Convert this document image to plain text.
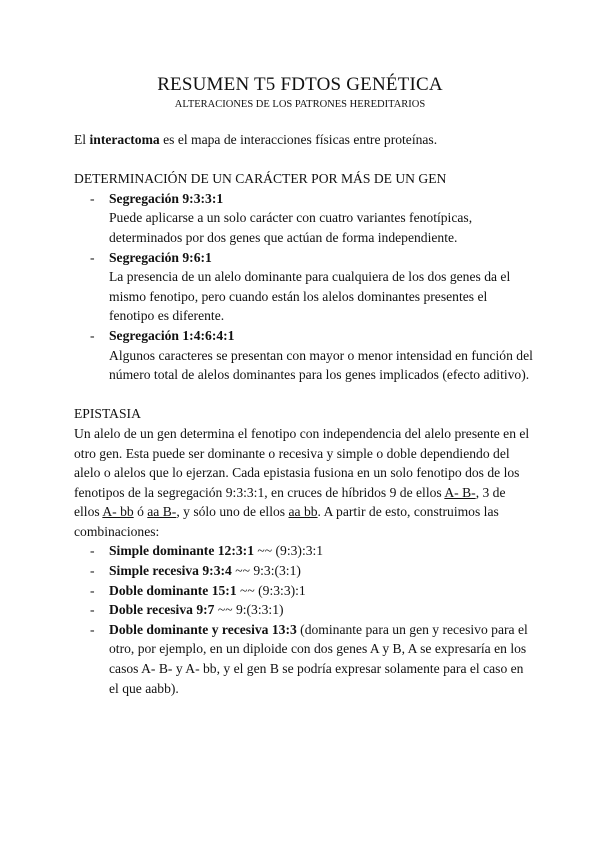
RESUMEN T5 FDTOS GENÉTICA
ALTERACIONES DE LOS PATRONES HEREDITARIOS

El interactoma es el mapa de interacciones físicas entre proteínas.

DETERMINACIÓN DE UN CARÁCTER POR MÁS DE UN GEN

- Segregación 9:3:3:1
Puede aplicarse a un solo carácter con cuatro variantes fenotípicas, determinados por dos genes que actúan de forma independiente.
- Segregación 9:6:1
La presencia de un alelo dominante para cualquiera de los dos genes da el mismo fenotipo, pero cuando están los alelos dominantes presentes el fenotipo es diferente.
- Segregación 1:4:6:4:1
Algunos caracteres se presentan con mayor o menor intensidad en función del número total de alelos dominantes para los genes implicados (efecto aditivo).

EPISTASIA

Un alelo de un gen determina el fenotipo con independencia del alelo presente en el otro gen. Esta puede ser dominante o recesiva y simple o doble dependiendo del alelo o alelos que lo ejerzan. Cada epistasia fusiona en un solo fenotipo dos de los fenotipos de la segregación 9:3:3:1, en cruces de híbridos 9 de ellos A- B-, 3 de ellos A- bb ó aa B-, y sólo uno de ellos aa bb. A partir de esto, construimos las combinaciones:

- Simple dominante 12:3:1 ~~ (9:3):3:1
- Simple recesiva 9:3:4 ~~ 9:3:(3:1)
- Doble dominante 15:1 ~~ (9:3:3):1
- Doble recesiva 9:7 ~~ 9:(3:3:1)
- Doble dominante y recesiva 13:3 (dominante para un gen y recesivo para el otro, por ejemplo, en un diploide con dos genes A y B, A se expresaría en los casos A- B- y A- bb, y el gen B se podría expresar solamente para el caso en el que aabb).
